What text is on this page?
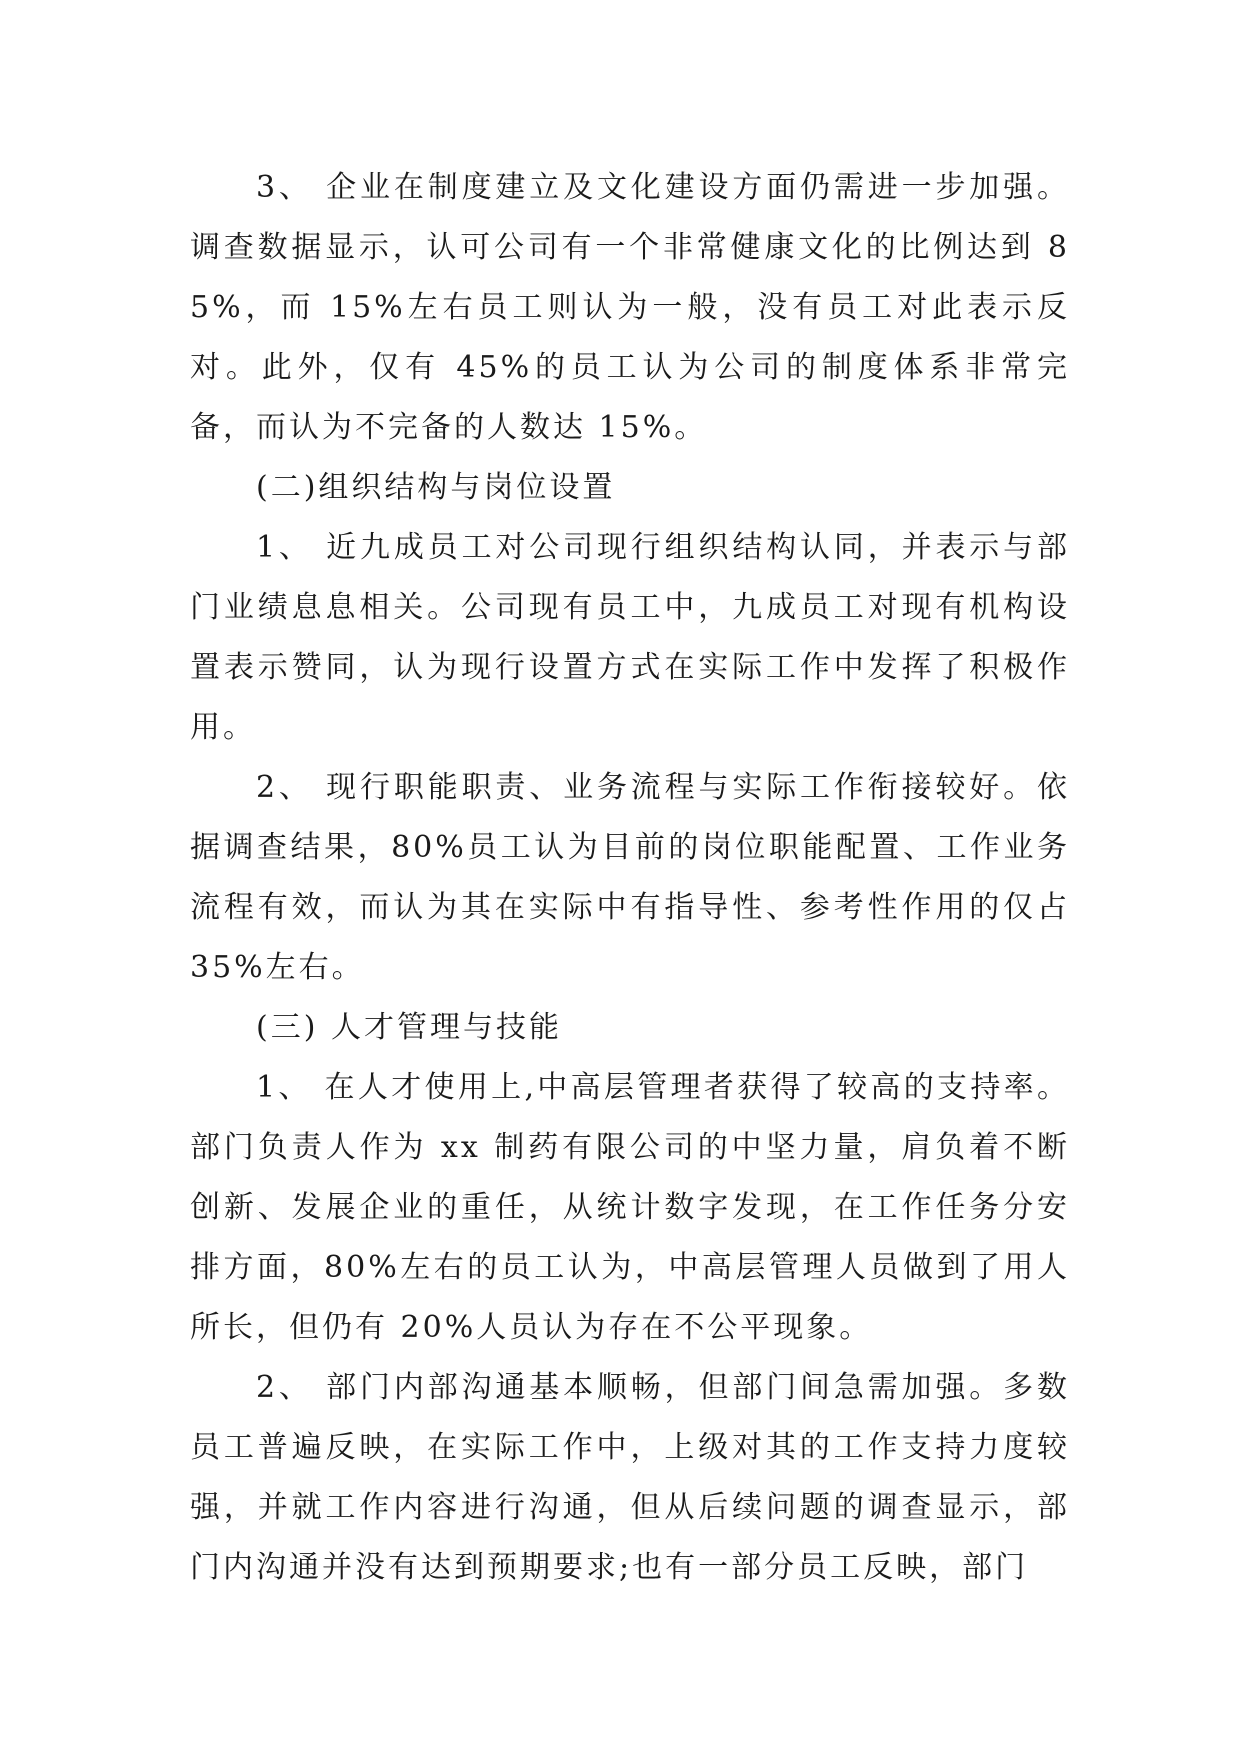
3、 企业在制度建立及文化建设方面仍需进一步加强。调查数据显示，认可公司有一个非常健康文化的比例达到 85%，而 15%左右员工则认为一般，没有员工对此表示反对。此外，仅有 45%的员工认为公司的制度体系非常完备，而认为不完备的人数达 15%。

(二)组织结构与岗位设置

1、 近九成员工对公司现行组织结构认同，并表示与部门业绩息息相关。公司现有员工中，九成员工对现有机构设置表示赞同，认为现行设置方式在实际工作中发挥了积极作用。

2、 现行职能职责、业务流程与实际工作衔接较好。依据调查结果，80%员工认为目前的岗位职能配置、工作业务流程有效，而认为其在实际中有指导性、参考性作用的仅占 35%左右。

(三) 人才管理与技能

1、 在人才使用上,中高层管理者获得了较高的支持率。部门负责人作为 xx 制药有限公司的中坚力量，肩负着不断创新、发展企业的重任，从统计数字发现，在工作任务分安排方面，80%左右的员工认为，中高层管理人员做到了用人所长，但仍有 20%人员认为存在不公平现象。

2、 部门内部沟通基本顺畅，但部门间急需加强。多数员工普遍反映，在实际工作中，上级对其的工作支持力度较强，并就工作内容进行沟通，但从后续问题的调查显示，部门内沟通并没有达到预期要求;也有一部分员工反映，部门
